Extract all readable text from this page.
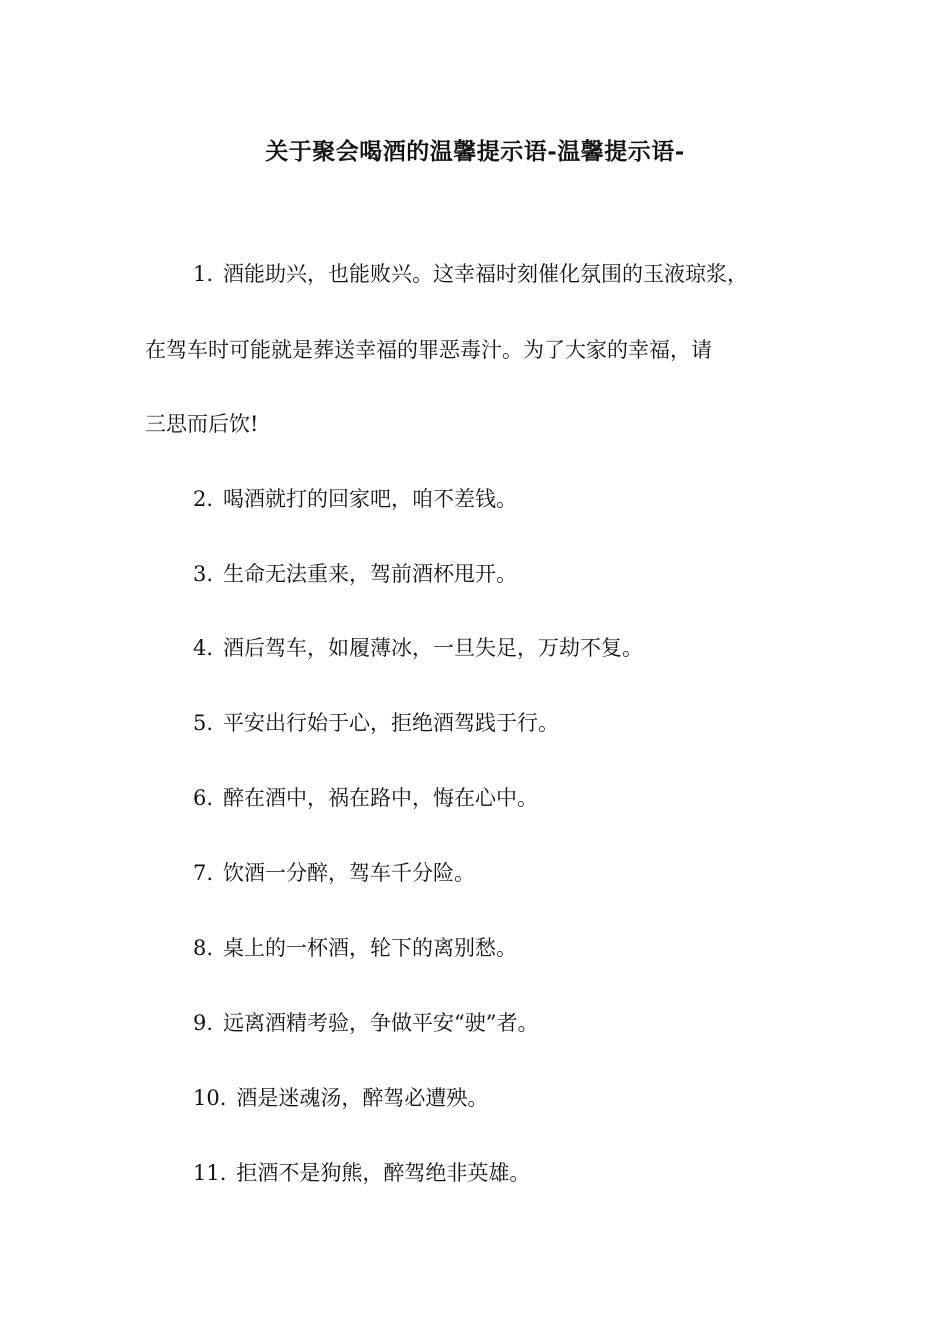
关于聚会喝酒的温馨提示语-温馨提示语-
1. 酒能助兴，也能败兴。这幸福时刻催化氛围的玉液琼浆，
在驾车时可能就是葬送幸福的罪恶毒汁。为了大家的幸福，请
三思而后饮!
2. 喝酒就打的回家吧，咱不差钱。
3. 生命无法重来，驾前酒杯甩开。
4. 酒后驾车，如履薄冰，一旦失足，万劫不复。
5. 平安出行始于心，拒绝酒驾践于行。
6. 醉在酒中，祸在路中，悔在心中。
7. 饮酒一分醉，驾车千分险。
8. 桌上的一杯酒，轮下的离别愁。
9. 远离酒精考验，争做平安“驶”者。
10. 酒是迷魂汤，醉驾必遭殃。
11. 拒酒不是狗熊，醉驾绝非英雄。
